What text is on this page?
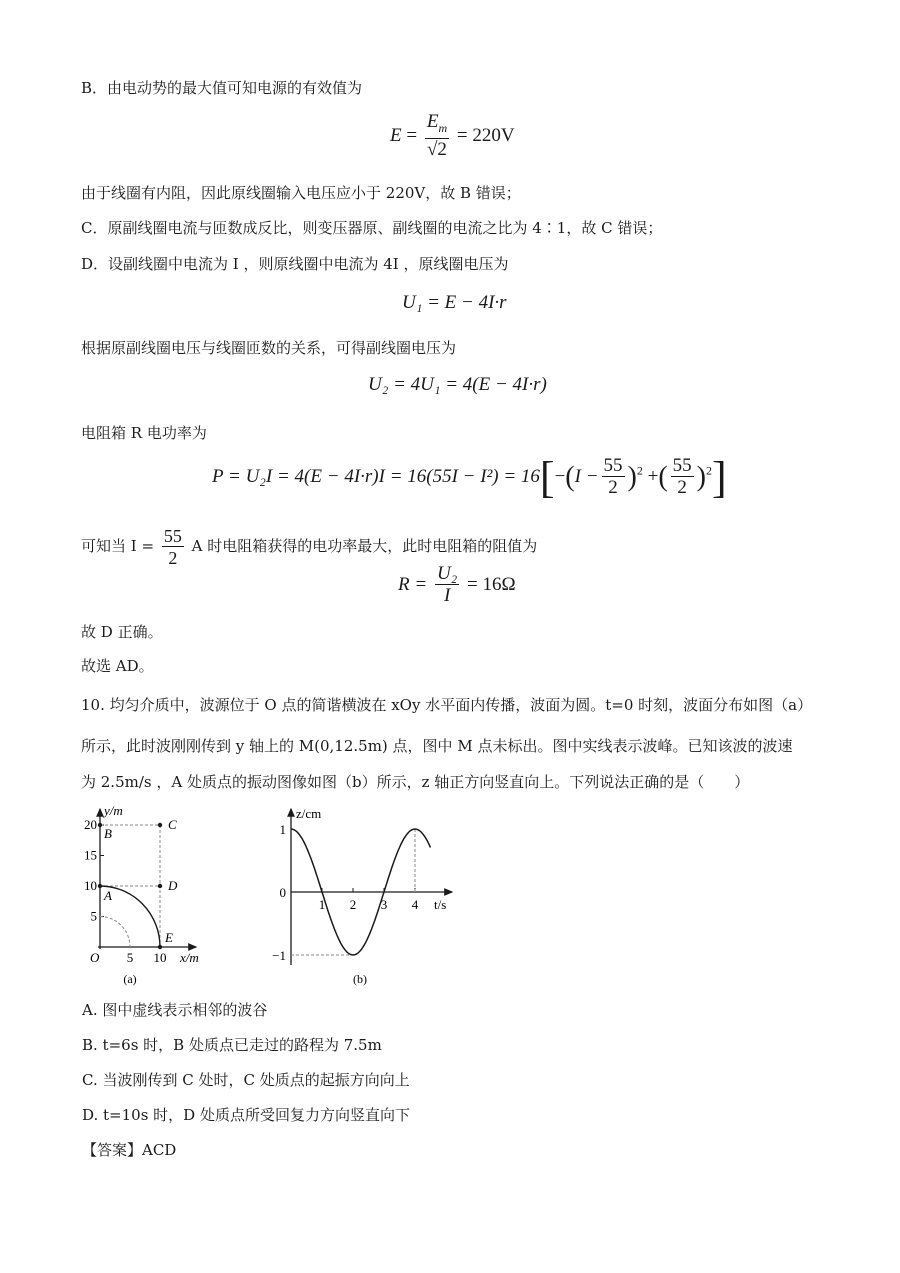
B．由电动势的最大值可知电源的有效值为
$E = \frac{E_m}{√2} = 220V$
由于线圈有内阻，因此原线圈输入电压应小于 220V，故 B 错误；
C．原副线圈电流与匝数成反比，则变压器原、副线圈的电流之比为 4∶1，故 C 错误；
D．设副线圈中电流为 I ，则原线圈中电流为 4I ，原线圈电压为
U₁ = E − 4I·r
根据原副线圈电压与线圈匝数的关系，可得副线圈电压为
U₂ = 4U₁ = 4(E − 4I·r)
电阻箱 R 电功率为
$P = U_2I = 4(E - 4I\cdot r)I = 16(55I - I^2) = 16[-(I - \frac{55}{2} )^2$ +( $\frac{55}{2} )^2$]
可知当 $I = \frac{55}{2}$ A 时电阻箱获得的电功率最大，此时电阻箱的阻值为
$R = \frac{\text{U₂}}{I} = 16\Omega$
故 D 正确。
故选 AD。
10. 均匀介质中，波源位于 O 点的简谐横波在 xOy 水平面内传播，波面为圆。t=0 时刻，波面分布如图（a）
所示，此时波刚刚传到 y 轴上的 M(0,12.5m) 点，图中 M 点未标出。图中实线表示波峰。已知该波的波速
为 2.5m/s ，A 处质点的振动图像如图（b）所示，z 轴正方向竖直向上。下列说法正确的是（　　）
y/m
x/m
O
5
10
15
20
5 10
A
B
C
D
E
(a)
z/cm
t/s
1
0
−1
1 2 3 4
(b)
A. 图中虚线表示相邻的波谷
B. t=6s 时，B 处质点已走过的路程为 7.5m
C. 当波刚传到 C 处时，C 处质点的起振方向向上
D. t=10s 时，D 处质点所受回复力方向竖直向下
【答案】ACD
